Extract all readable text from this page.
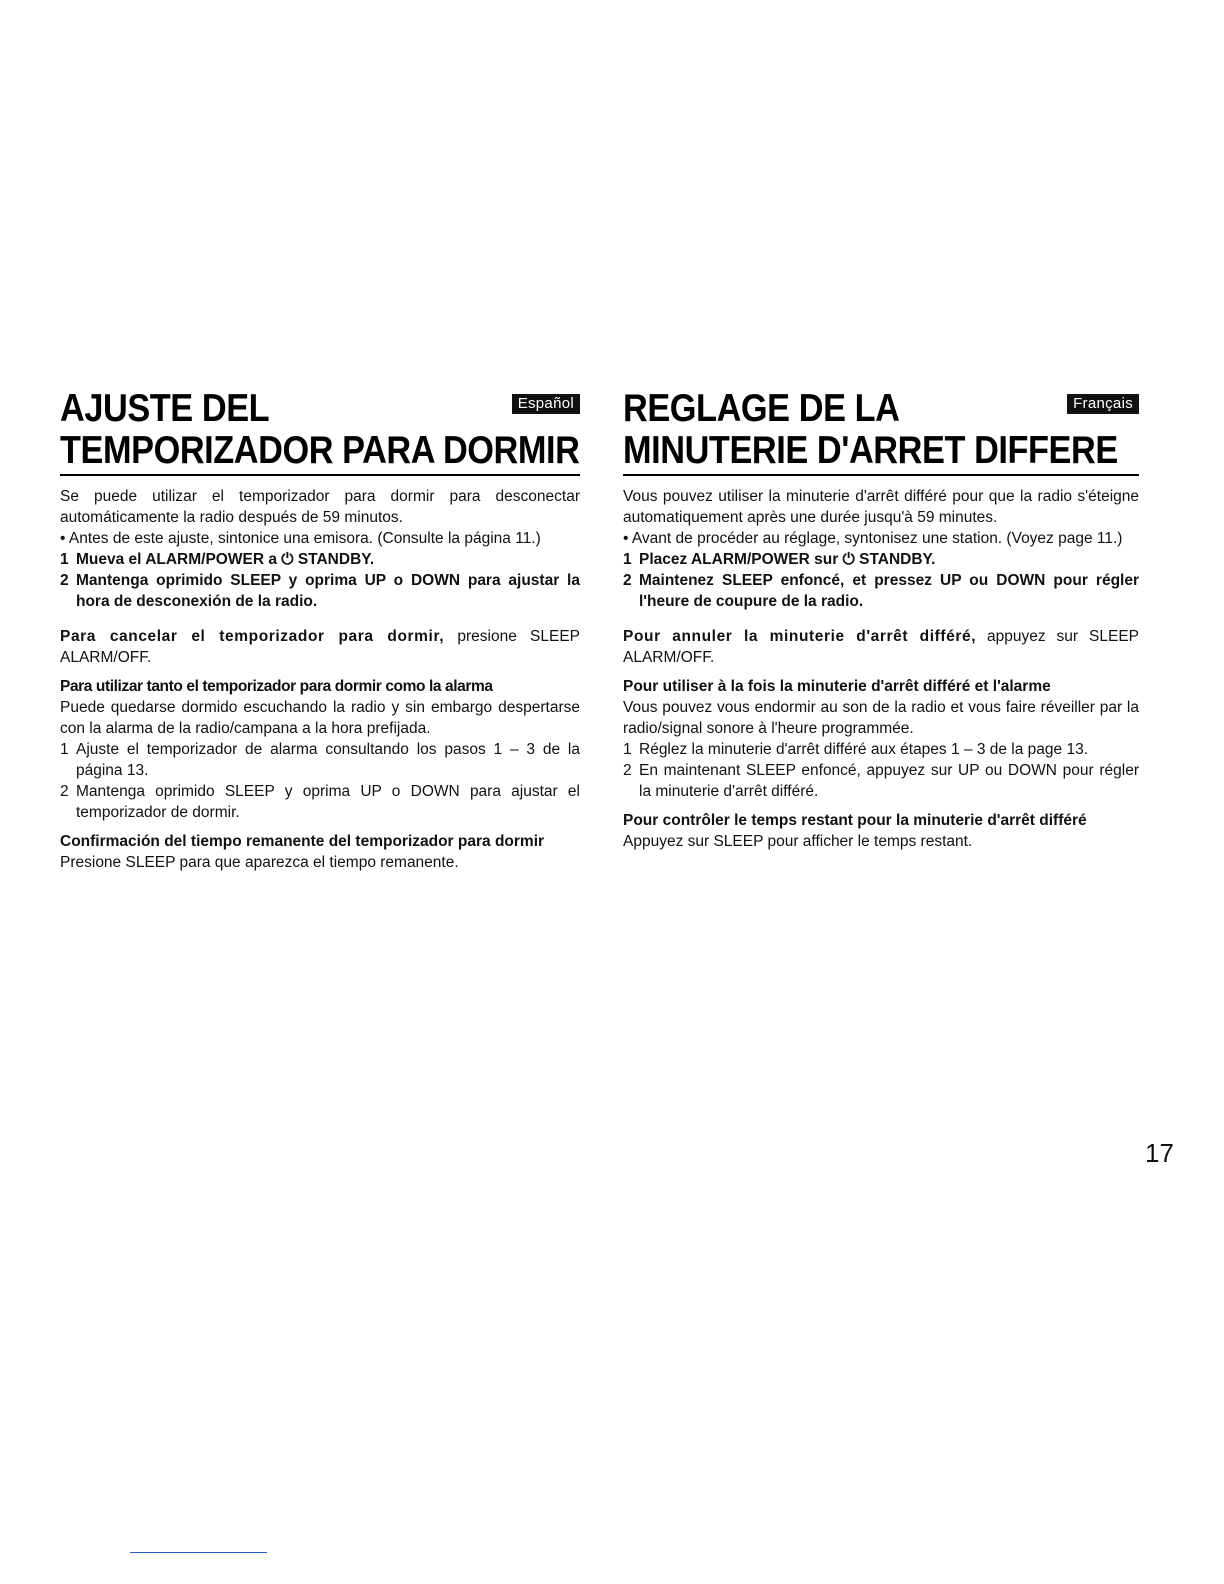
AJUSTE DEL
TEMPORIZADOR PARA DORMIR
Español

Se puede utilizar el temporizador para dormir para desconectar automáticamente la radio después de 59 minutos.

• Antes de este ajuste, sintonice una emisora. (Consulte la página 11.)

1 Mueva el ALARM/POWER a ⏻ STANDBY.
2 Mantenga oprimido SLEEP y oprima UP o DOWN para ajustar la hora de desconexión de la radio.

Para cancelar el temporizador para dormir, presione SLEEP ALARM/OFF.

Para utilizar tanto el temporizador para dormir como la alarma

Puede quedarse dormido escuchando la radio y sin embargo despertarse con la alarma de la radio/campana a la hora prefijada.

1 Ajuste el temporizador de alarma consultando los pasos 1 – 3 de la página 13.
2 Mantenga oprimido SLEEP y oprima UP o DOWN para ajustar el temporizador de dormir.

Confirmación del tiempo remanente del temporizador para dormir

Presione SLEEP para que aparezca el tiempo remanente.

REGLAGE DE LA
MINUTERIE D'ARRET DIFFERE
Français

Vous pouvez utiliser la minuterie d'arrêt différé pour que la radio s'éteigne automatiquement après une durée jusqu'à 59 minutes.

• Avant de procéder au réglage, syntonisez une station. (Voyez page 11.)

1 Placez ALARM/POWER sur ⏻ STANDBY.
2 Maintenez SLEEP enfoncé, et pressez UP ou DOWN pour régler l'heure de coupure de la radio.

Pour annuler la minuterie d'arrêt différé, appuyez sur SLEEP ALARM/OFF.

Pour utiliser à la fois la minuterie d'arrêt différé et l'alarme

Vous pouvez vous endormir au son de la radio et vous faire réveiller par la radio/signal sonore à l'heure programmée.

1 Réglez la minuterie d'arrêt différé aux étapes 1 – 3 de la page 13.
2 En maintenant SLEEP enfoncé, appuyez sur UP ou DOWN pour régler la minuterie d'arrêt différé.

Pour contrôler le temps restant pour la minuterie d'arrêt différé

Appuyez sur SLEEP pour afficher le temps restant.

17
